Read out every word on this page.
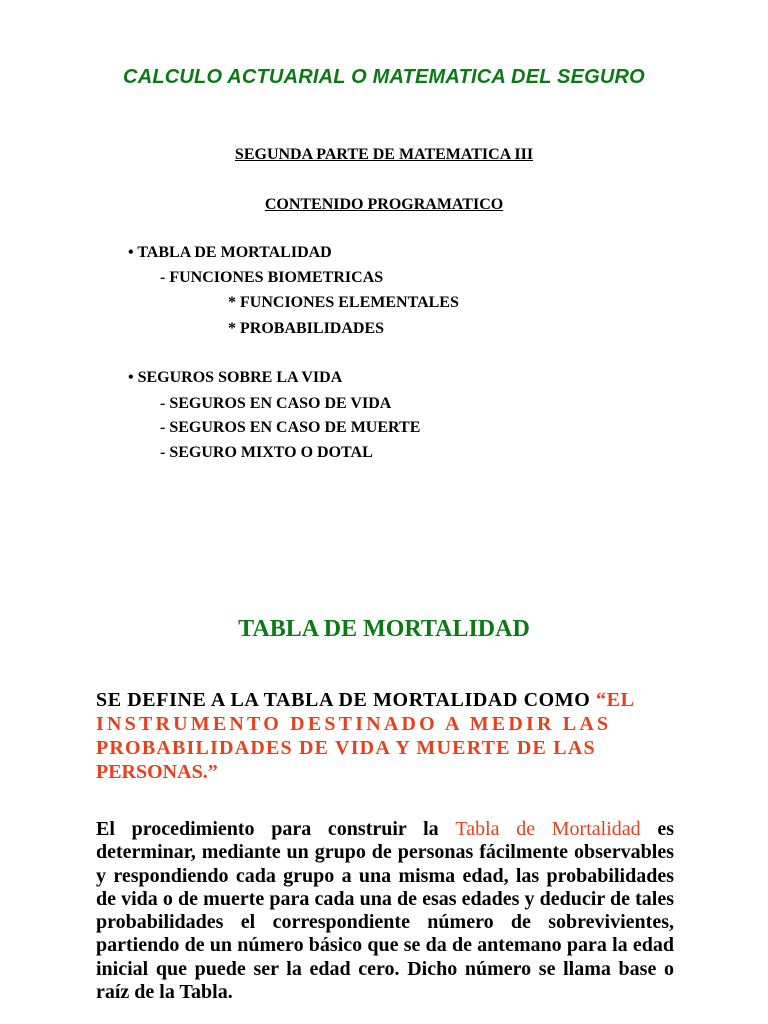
CALCULO ACTUARIAL O MATEMATICA DEL SEGURO
SEGUNDA PARTE DE MATEMATICA III
CONTENIDO PROGRAMATICO
• TABLA DE MORTALIDAD
- FUNCIONES BIOMETRICAS
* FUNCIONES ELEMENTALES
* PROBABILIDADES
• SEGUROS SOBRE LA VIDA
- SEGUROS EN CASO DE VIDA
- SEGUROS EN CASO DE MUERTE
- SEGURO MIXTO O DOTAL
TABLA DE MORTALIDAD
SE DEFINE A LA TABLA DE MORTALIDAD COMO “EL
INSTRUMENTO DESTINADO A MEDIR LAS
PROBABILIDADES DE VIDA Y MUERTE DE LAS
PERSONAS.”
El procedimiento para construir la Tabla de Mortalidad es determinar, mediante un grupo de personas fácilmente observables y respondiendo cada grupo a una misma edad, las probabilidades de vida o de muerte para cada una de esas edades y deducir de tales probabilidades el correspondiente número de sobrevivientes, partiendo de un número básico que se da de antemano para la edad inicial que puede ser la edad cero. Dicho número se llama base o raíz de la Tabla.
